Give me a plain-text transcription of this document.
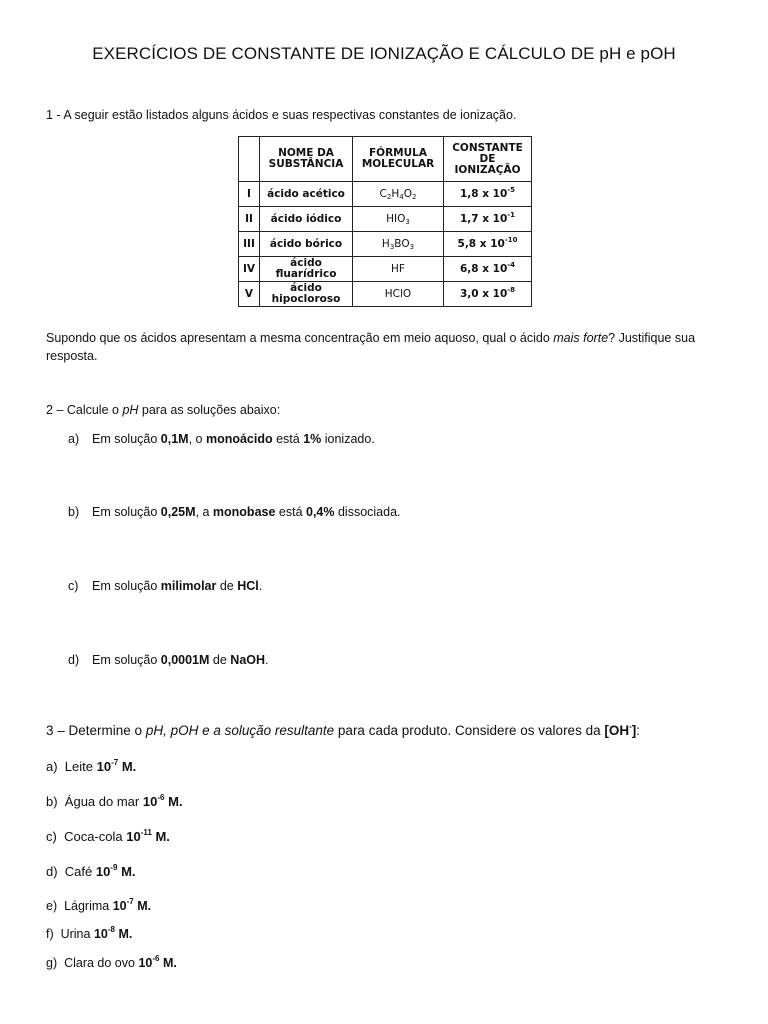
EXERCÍCIOS DE CONSTANTE DE IONIZAÇÃO E CÁLCULO DE pH e pOH
1 - A seguir estão listados alguns ácidos e suas respectivas constantes de ionização.
	NOME DA SUBSTÂNCIA	FÓRMULA MOLECULAR	CONSTANTE DE IONIZAÇÃO
I	ácido acético	$C_2H_4O_2$	1,8 x $10^{-5}$
II	ácido iódico	$HIO_3$	1,7 x $10^{-1}$
III	ácido bórico	$H_3BO_3$	5,8 x $10^{-10}$
IV	ácido fluarídrico	HF	6,8 x $10^{-4}$
V	ácido hipocloroso	HClO	3,0 x $10^{-8}$
Supondo que os ácidos apresentam a mesma concentração em meio aquoso, qual o ácido mais forte? Justifique sua resposta.
2 – Calcule o pH para as soluções abaixo:
a) Em solução 0,1M, o monoácido está 1% ionizado.
b) Em solução 0,25M, a monobase está 0,4% dissociada.
c) Em solução milimolar de HCl.
d) Em solução 0,0001M de NaOH.
3 – Determine o pH, pOH e a solução resultante para cada produto. Considere os valores da [OH-]:
a) Leite $10^{-7}$ M.
b) Água do mar $10^{-6}$ M.
c) Coca-cola $10^{-11}$ M.
d) Café $10^{-9}$ M.
e) Lágrima $10^{-7}$ M.
f) Urina $10^{-8}$ M.
g) Clara do ovo $10^{-6}$ M.
